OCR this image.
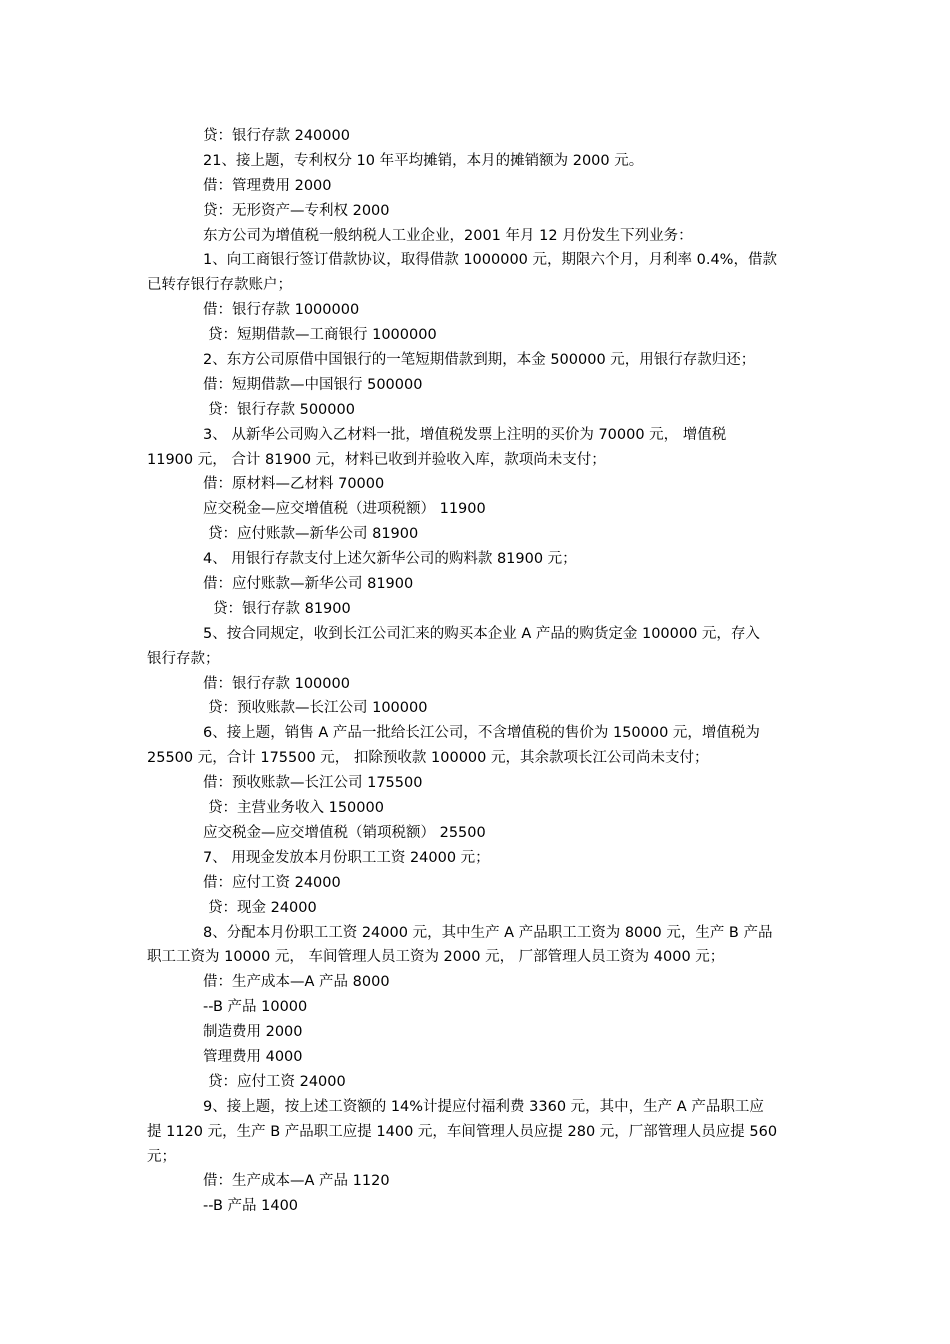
贷：银行存款 240000
21、接上题，专利权分 10 年平均摊销，本月的摊销额为 2000 元。
借：管理费用 2000
贷：无形资产—专利权 2000
东方公司为增值税一般纳税人工业企业，2001 年月 12 月份发生下列业务：
1、向工商银行签订借款协议，取得借款 1000000 元，期限六个月，月利率 0.4%，借款
已转存银行存款账户；
借：银行存款 1000000
贷：短期借款—工商银行 1000000
2、东方公司原借中国银行的一笔短期借款到期，本金 500000 元，用银行存款归还；
借：短期借款—中国银行 500000
贷：银行存款 500000
3、 从新华公司购入乙材料一批，增值税发票上注明的买价为 70000 元， 增值税
11900 元， 合计 81900 元，材料已收到并验收入库，款项尚未支付；
借：原材料—乙材料 70000
应交税金—应交增值税（进项税额） 11900
贷：应付账款—新华公司 81900
4、 用银行存款支付上述欠新华公司的购料款 81900 元；
借：应付账款—新华公司 81900
贷：银行存款 81900
5、按合同规定，收到长江公司汇来的购买本企业 A 产品的购货定金 100000 元，存入
银行存款；
借：银行存款 100000
贷：预收账款—长江公司 100000
6、接上题，销售 A 产品一批给长江公司，不含增值税的售价为 150000 元，增值税为
25500 元，合计 175500 元， 扣除预收款 100000 元，其余款项长江公司尚未支付；
借：预收账款—长江公司 175500
贷：主营业务收入 150000
应交税金—应交增值税（销项税额） 25500
7、 用现金发放本月份职工工资 24000 元；
借：应付工资 24000
贷：现金 24000
8、分配本月份职工工资 24000 元，其中生产 A 产品职工工资为 8000 元，生产 B 产品
职工工资为 10000 元， 车间管理人员工资为 2000 元， 厂部管理人员工资为 4000 元；
借：生产成本—A 产品 8000
--B 产品 10000
制造费用 2000
管理费用 4000
贷：应付工资 24000
9、接上题，按上述工资额的 14%计提应付福利费 3360 元，其中，生产 A 产品职工应
提 1120 元，生产 B 产品职工应提 1400 元，车间管理人员应提 280 元，厂部管理人员应提 560
元；
借：生产成本—A 产品 1120
--B 产品 1400
